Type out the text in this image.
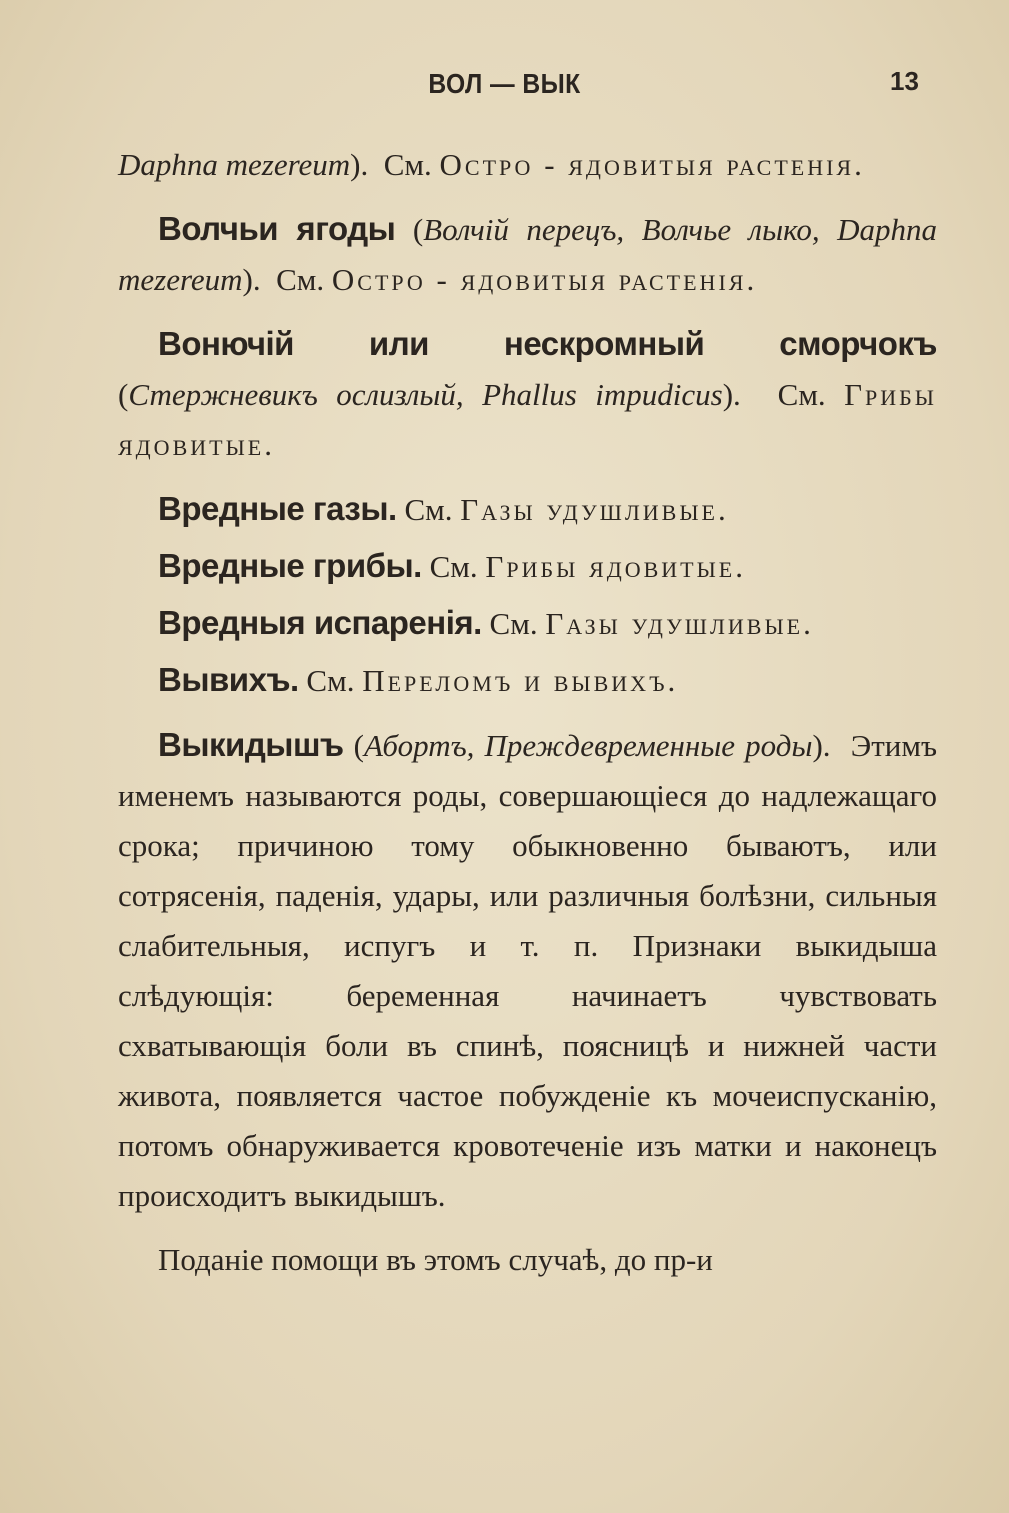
ВОЛ — ВЫК	13

Daphna mezereum).  См. Остро - ядовитыя растенія.

Волчьи ягоды (Волчій перецъ, Волчье лыко, Daphna mezereum).  См. Остро - ядовитыя растенія.

Вонючій или нескромный сморчокъ (Стержневикъ ослизлый, Phallus impudicus).  См. Грибы ядовитые.

Вредные газы. См. Газы удушливые.

Вредные грибы. См. Грибы ядовитые.

Вредныя испаренія. См. Газы удушливые.

Вывихъ. См. Переломъ и вывихъ.

Выкидышъ (Абортъ, Преждевременные роды).  Этимъ именемъ называются роды, совершающіеся до надлежащаго срока; причиною тому обыкновенно бываютъ, или сотрясенія, паденія, удары, или различныя болѣзни, сильныя слабительныя, испугъ и т. п. Признаки выкидыша слѣдующія: беременная начинаетъ чувствовать схватывающія боли въ спинѣ, поясницѣ и нижней части живота, появляется частое побужденіе къ мочеиспусканію, потомъ обнаруживается кровотеченіе изъ матки и наконецъ происходитъ выкидышъ.

Поданіе помощи въ этомъ случаѣ, до пр-и
